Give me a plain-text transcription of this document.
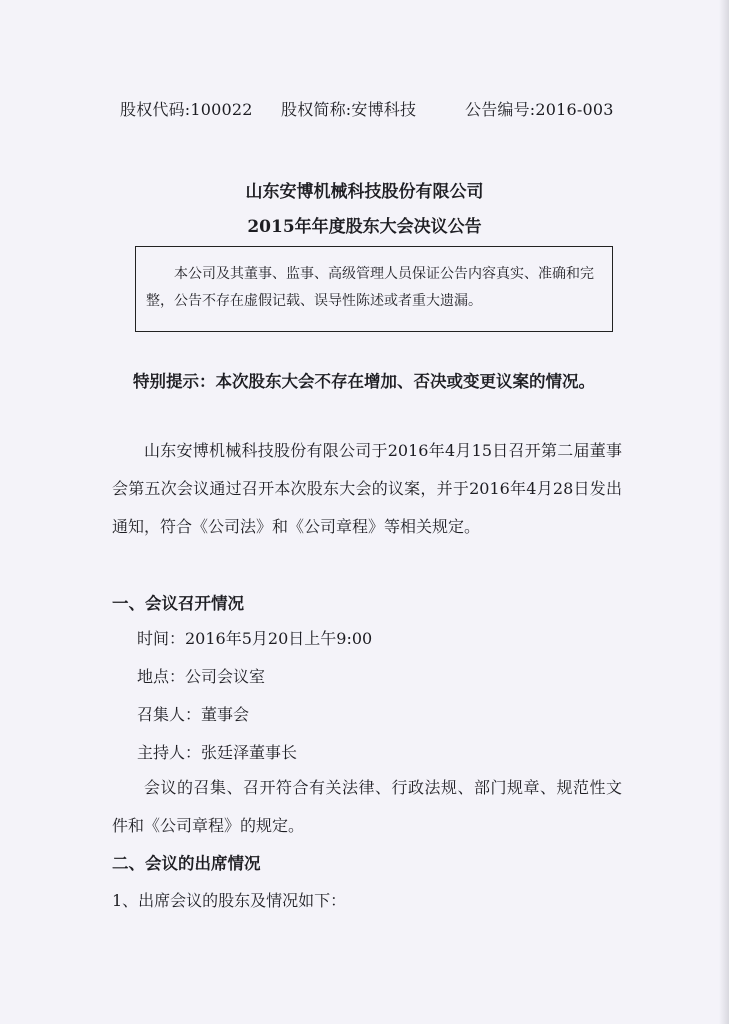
股权代码:100022 股权简称:安博科技	公告编号:2016-003
山东安博机械科技股份有限公司
2015年年度股东大会决议公告
本公司及其董事、监事、高级管理人员保证公告内容真实、准确和完整，公告不存在虚假记载、误导性陈述或者重大遗漏。
特别提示：本次股东大会不存在增加、否决或变更议案的情况。
山东安博机械科技股份有限公司于2016年4月15日召开第二届董事会第五次会议通过召开本次股东大会的议案，并于2016年4月28日发出通知，符合《公司法》和《公司章程》等相关规定。
一、会议召开情况
时间：2016年5月20日上午9:00
地点：公司会议室
召集人：董事会
主持人：张廷泽董事长
会议的召集、召开符合有关法律、行政法规、部门规章、规范性文件和《公司章程》的规定。
二、会议的出席情况
1、出席会议的股东及情况如下：
